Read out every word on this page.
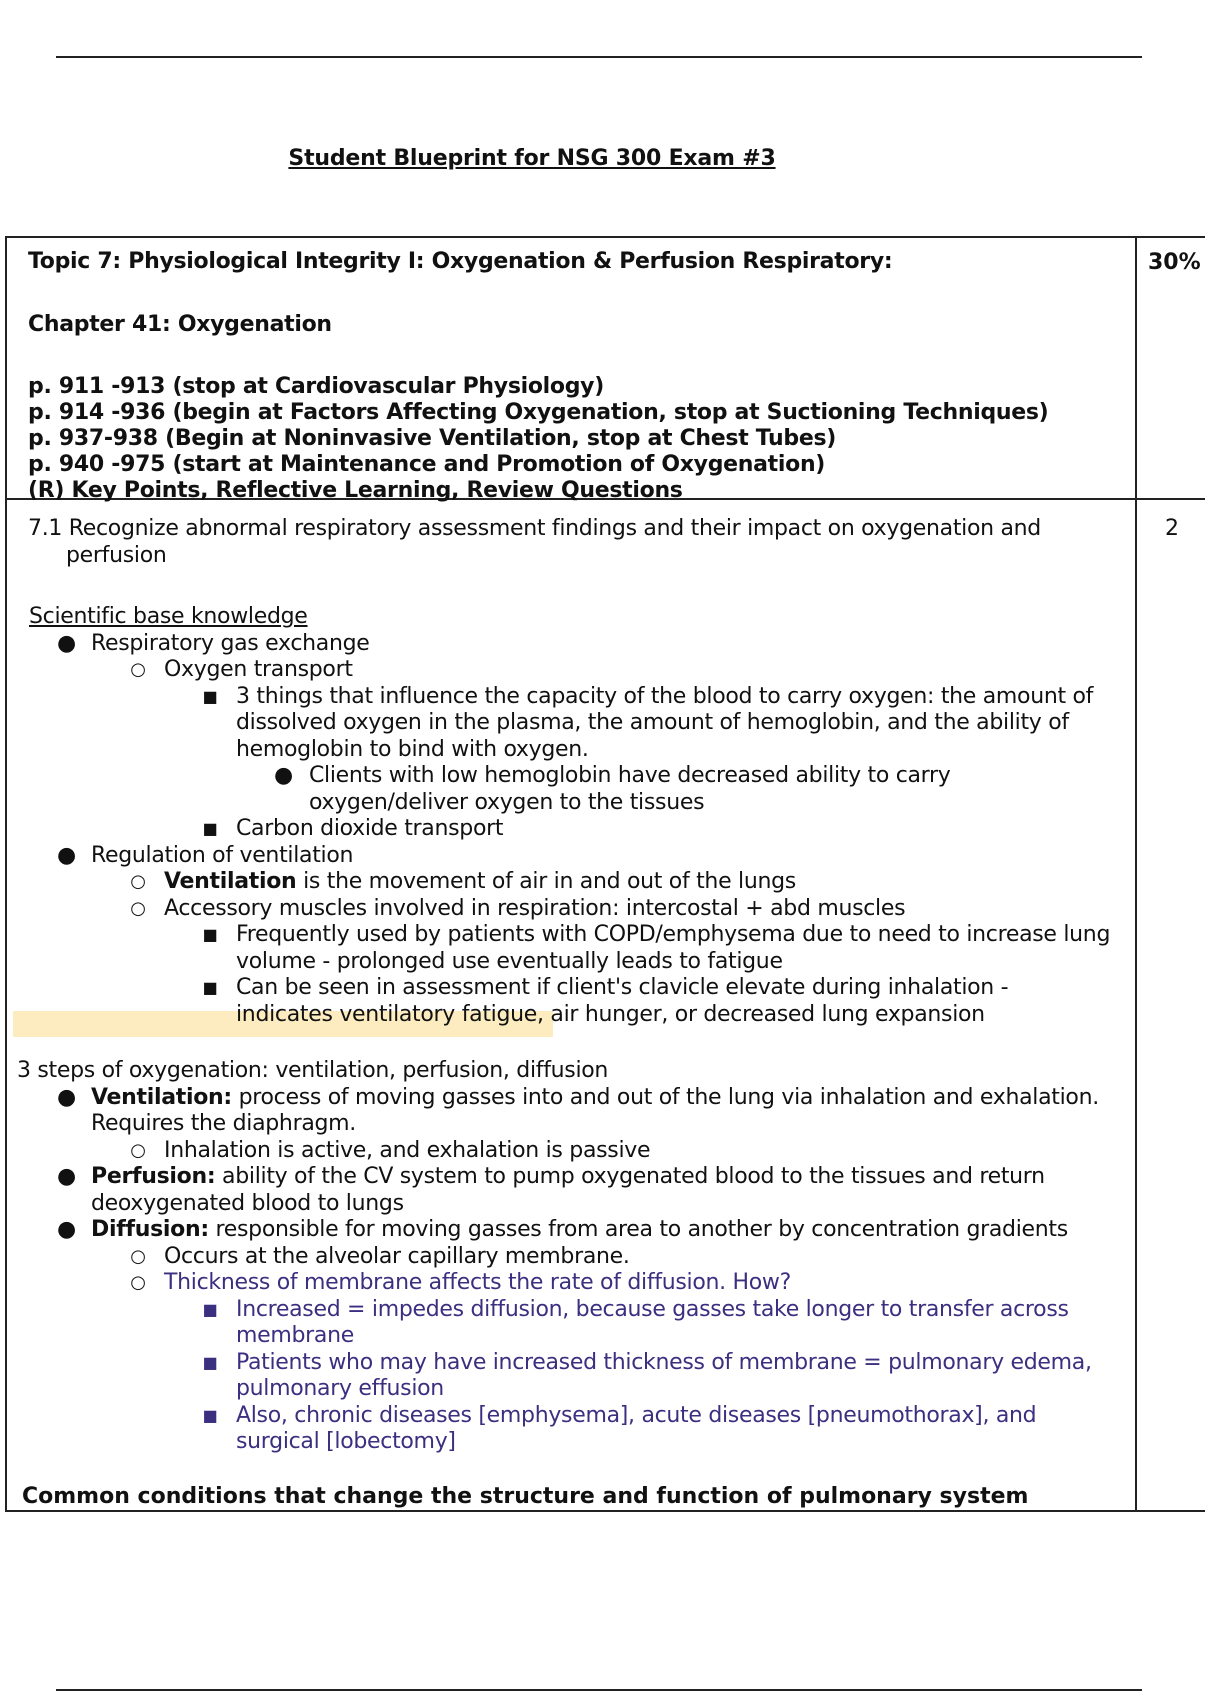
Student Blueprint for NSG 300 Exam #3

Topic 7: Physiological Integrity I: Oxygenation & Perfusion Respiratory:

Chapter 41: Oxygenation

p. 911 -913 (stop at Cardiovascular Physiology)

p. 914 -936 (begin at Factors Affecting Oxygenation, stop at Suctioning Techniques)

p. 937-938 (Begin at Noninvasive Ventilation, stop at Chest Tubes)

p. 940 -975 (start at Maintenance and Promotion of Oxygenation)

(R) Key Points, Reflective Learning, Review Questions

30%
7.1 Recognize abnormal respiratory assessment findings and their impact on oxygenation and
perfusion
Scientific base knowledge
● Respiratory gas exchange
○ Oxygen transport
■ 3 things that influence the capacity of the blood to carry oxygen: the amount of
dissolved oxygen in the plasma, the amount of hemoglobin, and the ability of
hemoglobin to bind with oxygen.
● Clients with low hemoglobin have decreased ability to carry
oxygen/deliver oxygen to the tissues
■ Carbon dioxide transport
● Regulation of ventilation
○ Ventilation is the movement of air in and out of the lungs
○ Accessory muscles involved in respiration: intercostal + abd muscles
■ Frequently used by patients with COPD/emphysema due to need to increase lung
volume - prolonged use eventually leads to fatigue
■ Can be seen in assessment if client's clavicle elevate during inhalation -
indicates ventilatory fatigue, air hunger, or decreased lung expansion
3 steps of oxygenation: ventilation, perfusion, diffusion
● Ventilation: process of moving gasses into and out of the lung via inhalation and exhalation.
Requires the diaphragm.
○ Inhalation is active, and exhalation is passive
● Perfusion: ability of the CV system to pump oxygenated blood to the tissues and return
deoxygenated blood to lungs
● Diffusion: responsible for moving gasses from area to another by concentration gradients
○ Occurs at the alveolar capillary membrane.
○ Thickness of membrane affects the rate of diffusion. How?
■ Increased = impedes diffusion, because gasses take longer to transfer across
membrane
■ Patients who may have increased thickness of membrane = pulmonary edema,
pulmonary effusion
■ Also, chronic diseases [emphysema], acute diseases [pneumothorax], and
surgical [lobectomy]
2
Common conditions that change the structure and function of pulmonary system
